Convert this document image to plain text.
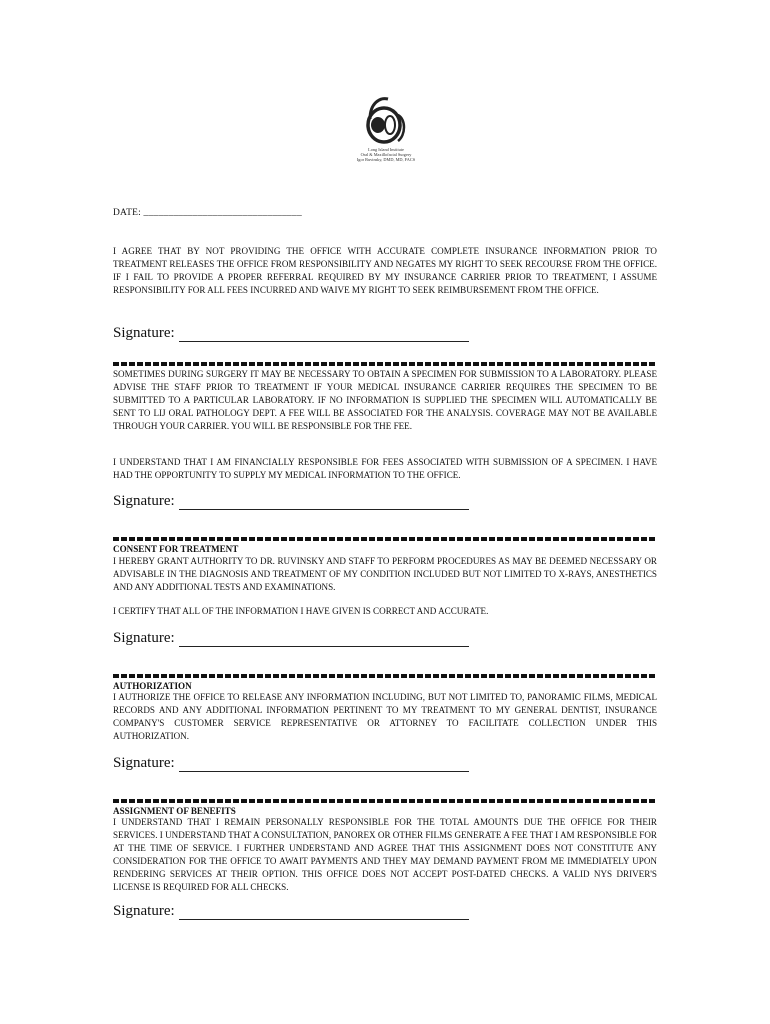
Long Island Institute
Oral & Maxillofacial Surgery
Igor Ruvinsky, DMD, MD, FACS
DATE: ________________________________
I AGREE THAT BY NOT PROVIDING THE OFFICE WITH ACCURATE COMPLETE INSURANCE INFORMATION PRIOR TO TREATMENT RELEASES THE OFFICE FROM RESPONSIBILITY AND NEGATES MY RIGHT TO SEEK RECOURSE FROM THE OFFICE. IF I FAIL TO PROVIDE A PROPER REFERRAL REQUIRED BY MY INSURANCE CARRIER PRIOR TO TREATMENT, I ASSUME RESPONSIBILITY FOR ALL FEES INCURRED AND WAIVE MY RIGHT TO SEEK REIMBURSEMENT FROM THE OFFICE.
Signature:
SOMETIMES DURING SURGERY IT MAY BE NECESSARY TO OBTAIN A SPECIMEN FOR SUBMISSION TO A LABORATORY. PLEASE ADVISE THE STAFF PRIOR TO TREATMENT IF YOUR MEDICAL INSURANCE CARRIER REQUIRES THE SPECIMEN TO BE SUBMITTED TO A PARTICULAR LABORATORY. IF NO INFORMATION IS SUPPLIED THE SPECIMEN WILL AUTOMATICALLY BE SENT TO LIJ ORAL PATHOLOGY DEPT. A FEE WILL BE ASSOCIATED FOR THE ANALYSIS. COVERAGE MAY NOT BE AVAILABLE THROUGH YOUR CARRIER. YOU WILL BE RESPONSIBLE FOR THE FEE.
I UNDERSTAND THAT I AM FINANCIALLY RESPONSIBLE FOR FEES ASSOCIATED WITH SUBMISSION OF A SPECIMEN. I HAVE HAD THE OPPORTUNITY TO SUPPLY MY MEDICAL INFORMATION TO THE OFFICE.
Signature:
CONSENT FOR TREATMENT
I HEREBY GRANT AUTHORITY TO DR. RUVINSKY AND STAFF TO PERFORM PROCEDURES AS MAY BE DEEMED NECESSARY OR ADVISABLE IN THE DIAGNOSIS AND TREATMENT OF MY CONDITION INCLUDED BUT NOT LIMITED TO X-RAYS, ANESTHETICS AND ANY ADDITIONAL TESTS AND EXAMINATIONS.
I CERTIFY THAT ALL OF THE INFORMATION I HAVE GIVEN IS CORRECT AND ACCURATE.
Signature:
AUTHORIZATION
I AUTHORIZE THE OFFICE TO RELEASE ANY INFORMATION INCLUDING, BUT NOT LIMITED TO, PANORAMIC FILMS, MEDICAL RECORDS AND ANY ADDITIONAL INFORMATION PERTINENT TO MY TREATMENT TO MY GENERAL DENTIST, INSURANCE COMPANY'S CUSTOMER SERVICE REPRESENTATIVE OR ATTORNEY TO FACILITATE COLLECTION UNDER THIS AUTHORIZATION.
Signature:
ASSIGNMENT OF BENEFITS
I UNDERSTAND THAT I REMAIN PERSONALLY RESPONSIBLE FOR THE TOTAL AMOUNTS DUE THE OFFICE FOR THEIR SERVICES. I UNDERSTAND THAT A CONSULTATION, PANOREX OR OTHER FILMS GENERATE A FEE THAT I AM RESPONSIBLE FOR AT THE TIME OF SERVICE. I FURTHER UNDERSTAND AND AGREE THAT THIS ASSIGNMENT DOES NOT CONSTITUTE ANY CONSIDERATION FOR THE OFFICE TO AWAIT PAYMENTS AND THEY MAY DEMAND PAYMENT FROM ME IMMEDIATELY UPON RENDERING SERVICES AT THEIR OPTION. THIS OFFICE DOES NOT ACCEPT POST-DATED CHECKS. A VALID NYS DRIVER'S LICENSE IS REQUIRED FOR ALL CHECKS.
Signature:
